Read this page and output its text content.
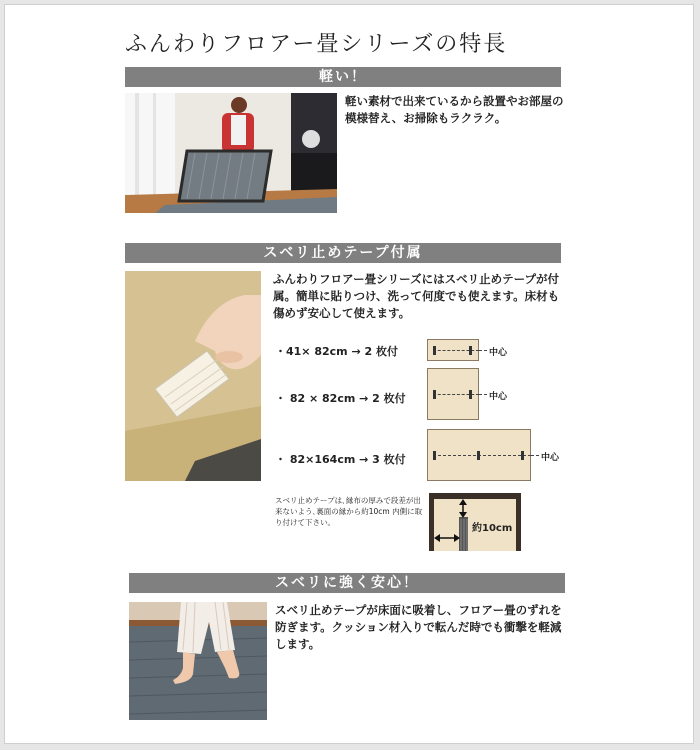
ふんわりフロアー畳シリーズの特長
軽い！
軽い素材で出来ているから設置やお部屋の模様替え、お掃除もラクラク。
スベリ止めテープ付属
ふんわりフロアー畳シリーズにはスベリ止めテープが付属。簡単に貼りつけ、洗って何度でも使えます。床材も傷めず安心して使えます。
・41× 82cm → 2 枚付	中心
・ 82 × 82cm → 2 枚付	中心
・ 82×164cm → 3 枚付	中心
スベリ止めテープは､縁布の厚みで段差が出来ないよう､裏面の縁から約10cm 内側に取り付けて下さい｡
約10cm
スベリに強く安心！
スベリ止めテープが床面に吸着し、フロアー畳のずれを防ぎます。クッション材入りで転んだ時でも衝撃を軽減します。
